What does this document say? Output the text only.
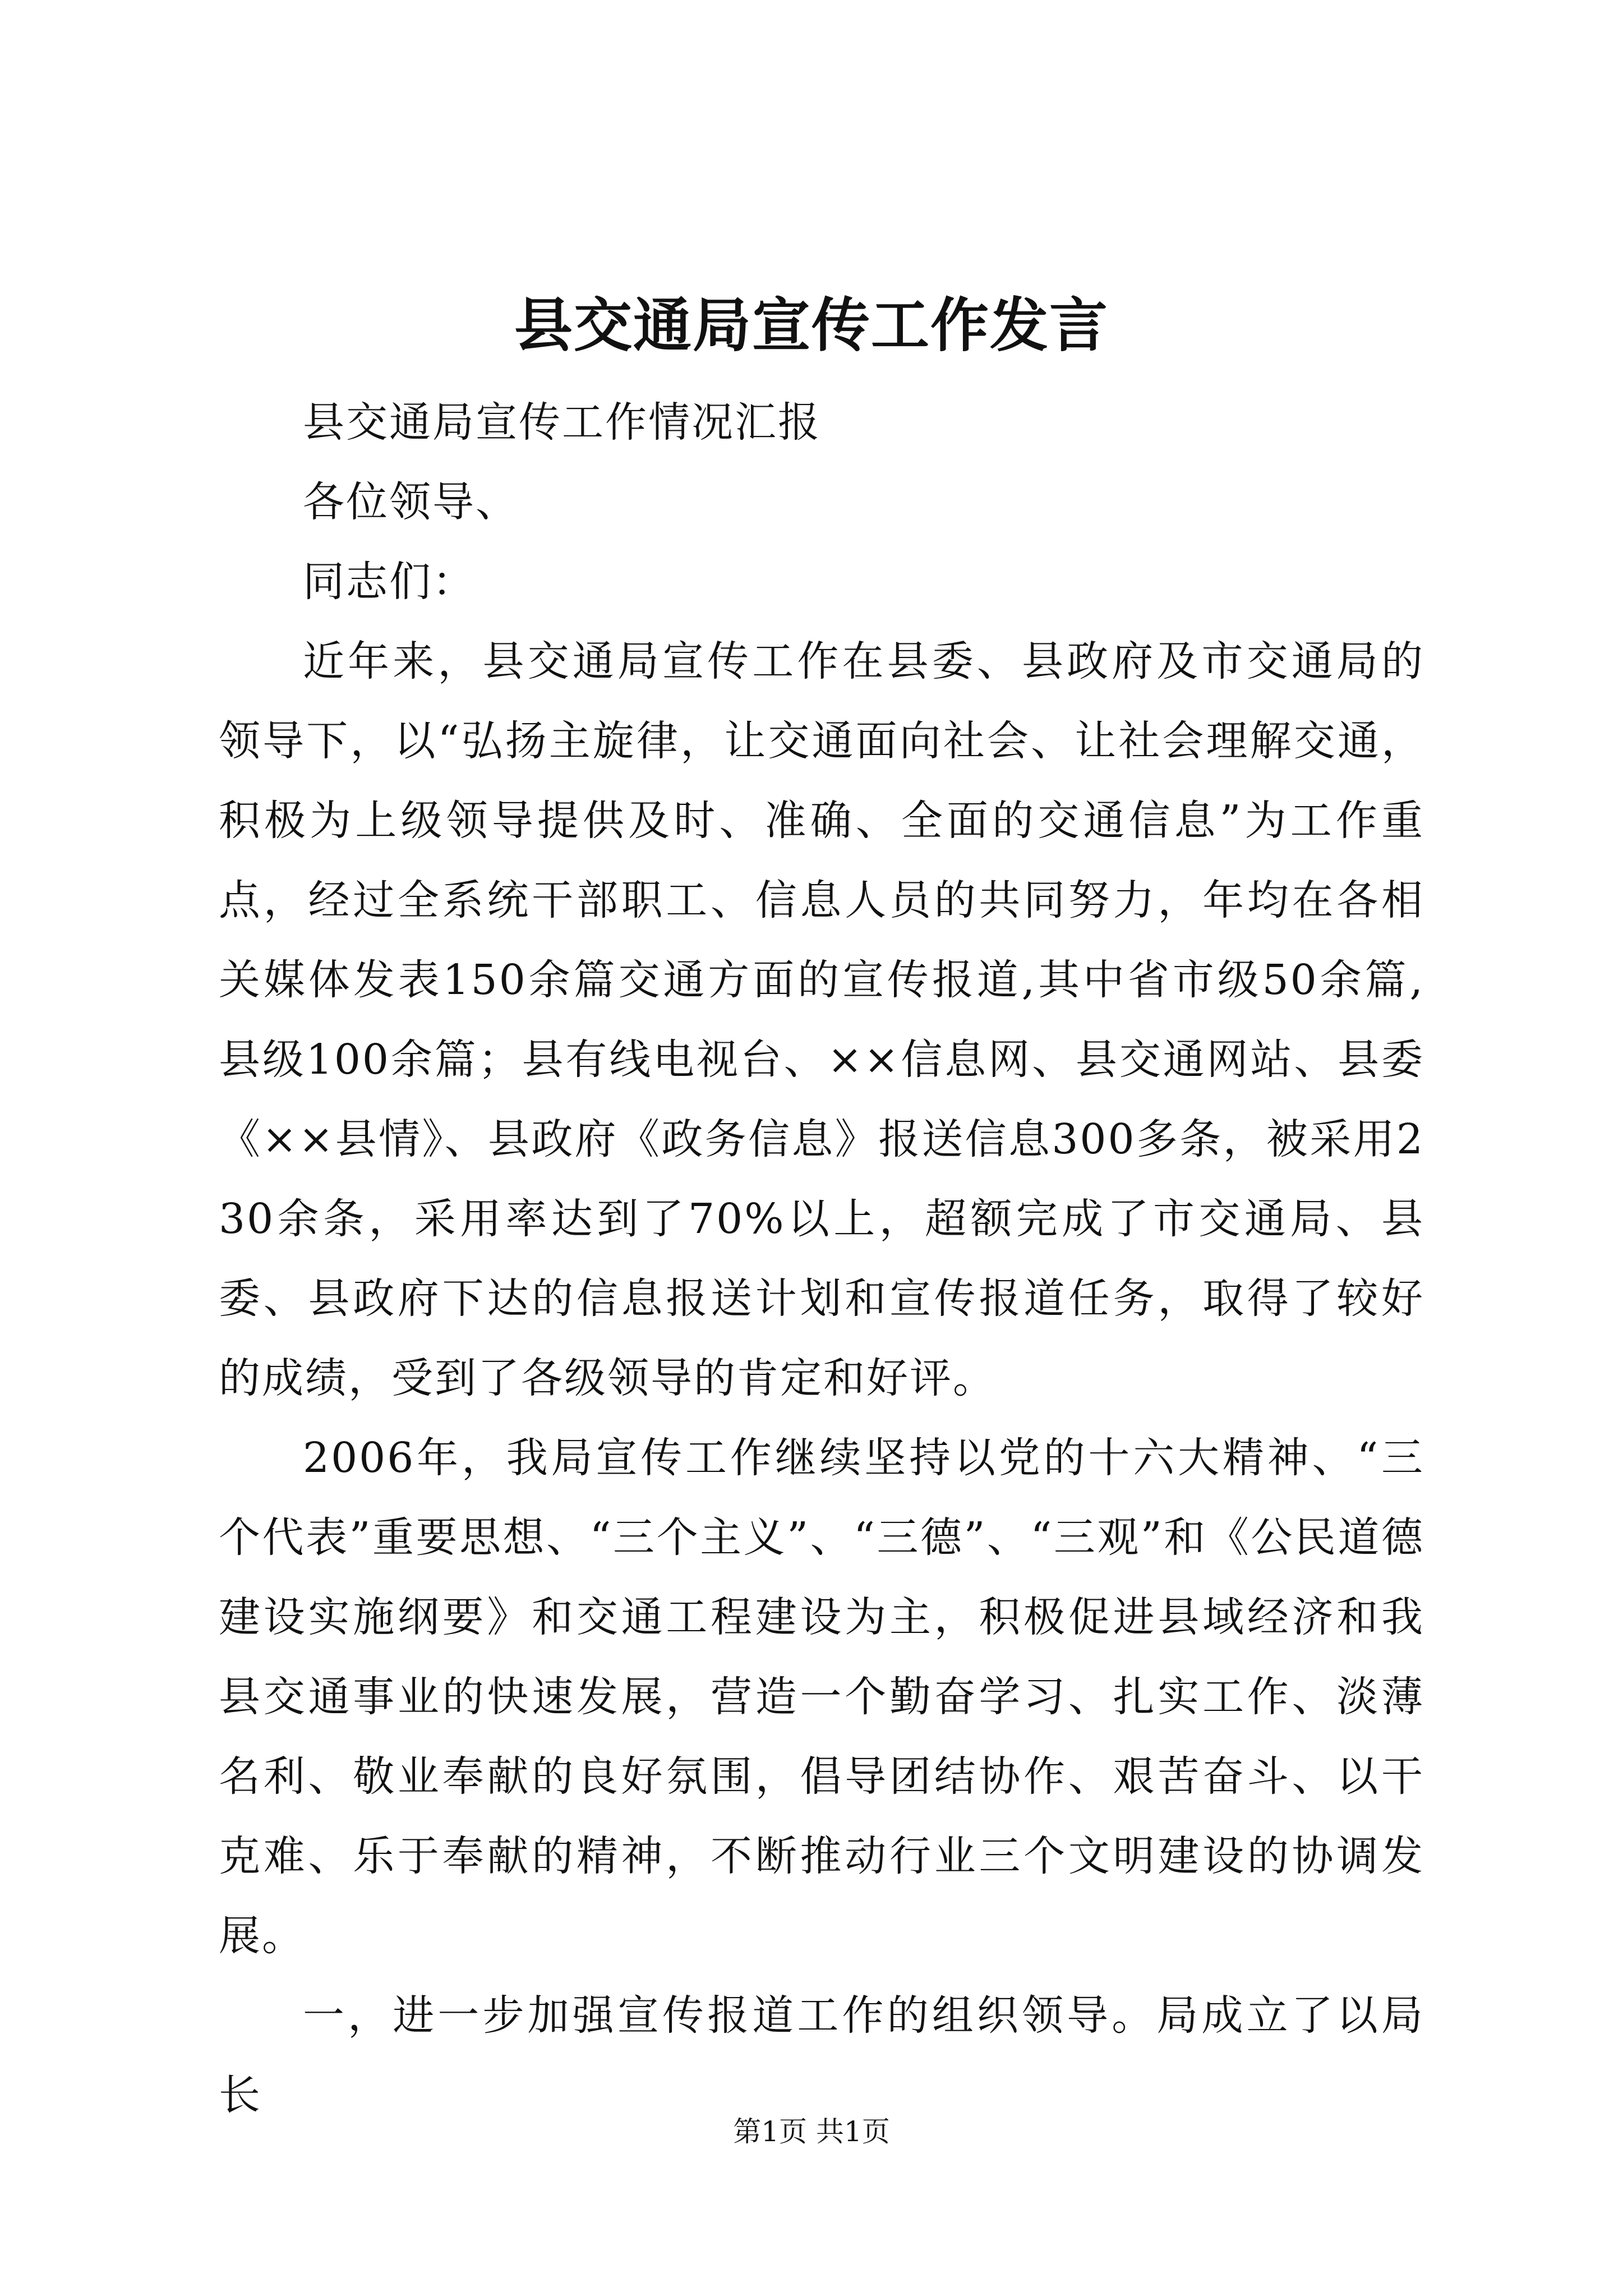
县交通局宣传工作发言

县交通局宣传工作情况汇报

各位领导、

同志们：

近年来，县交通局宣传工作在县委、县政府及市交通局的领导下，以“弘扬主旋律，让交通面向社会、让社会理解交通，积极为上级领导提供及时、准确、全面的交通信息”为工作重点，经过全系统干部职工、信息人员的共同努力，年均在各相关媒体发表150余篇交通方面的宣传报道,其中省市级50余篇,县级100余篇；县有线电视台、××信息网、县交通网站、县委《××县情》、县政府《政务信息》报送信息300多条，被采用230余条，采用率达到了70%以上，超额完成了市交通局、县委、县政府下达的信息报送计划和宣传报道任务，取得了较好的成绩，受到了各级领导的肯定和好评。

2006年，我局宣传工作继续坚持以党的十六大精神、“三个代表”重要思想、“三个主义”、“三德”、“三观”和《公民道德建设实施纲要》和交通工程建设为主，积极促进县域经济和我县交通事业的快速发展，营造一个勤奋学习、扎实工作、淡薄名利、敬业奉献的良好氛围，倡导团结协作、艰苦奋斗、以干克难、乐于奉献的精神，不断推动行业三个文明建设的协调发展。

一，进一步加强宣传报道工作的组织领导。局成立了以局长

第1页 共1页
